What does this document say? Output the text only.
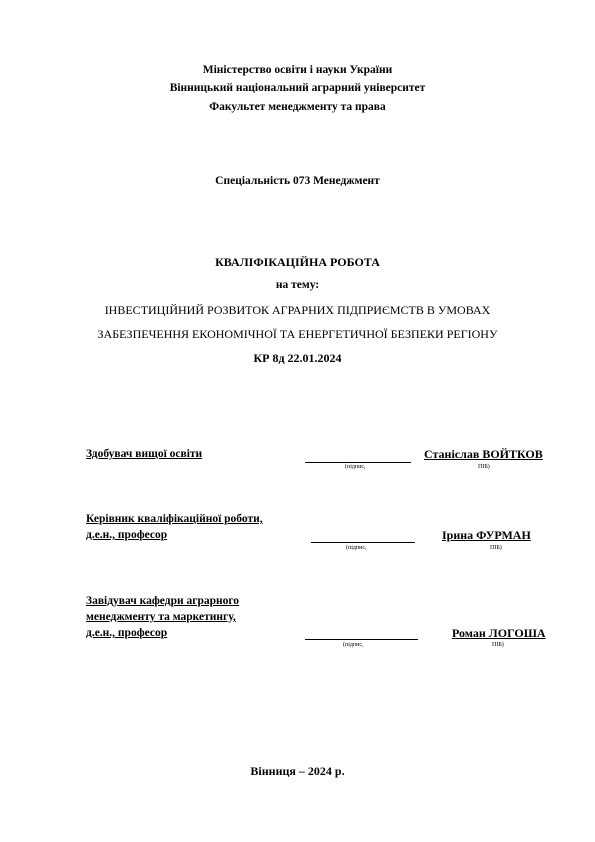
Міністерство освіти і науки України
Вінницький національний аграрний університет
Факультет менеджменту та права
Спеціальність 073 Менеджмент
КВАЛІФІКАЦІЙНА РОБОТА
на тему:
ІНВЕСТИЦІЙНИЙ РОЗВИТОК АГРАРНИХ ПІДПРИЄМСТВ В УМОВАХ
ЗАБЕЗПЕЧЕННЯ ЕКОНОМІЧНОЇ ТА ЕНЕРГЕТИЧНОЇ БЕЗПЕКИ РЕГІОНУ
КР 8д 22.01.2024
Здобувач вищої освіти
(підпис,
Станіслав ВОЙТКОВ
ПІБ)
Керівник кваліфікаційної роботи,
д.е.н., професор
(підпис,
Ірина ФУРМАН
ПІБ)
Завідувач кафедри аграрного
менеджменту та маркетингу,
д.е.н., професор
(підпис,
Роман ЛОГОША
ПІБ)
Вінниця – 2024 р.
